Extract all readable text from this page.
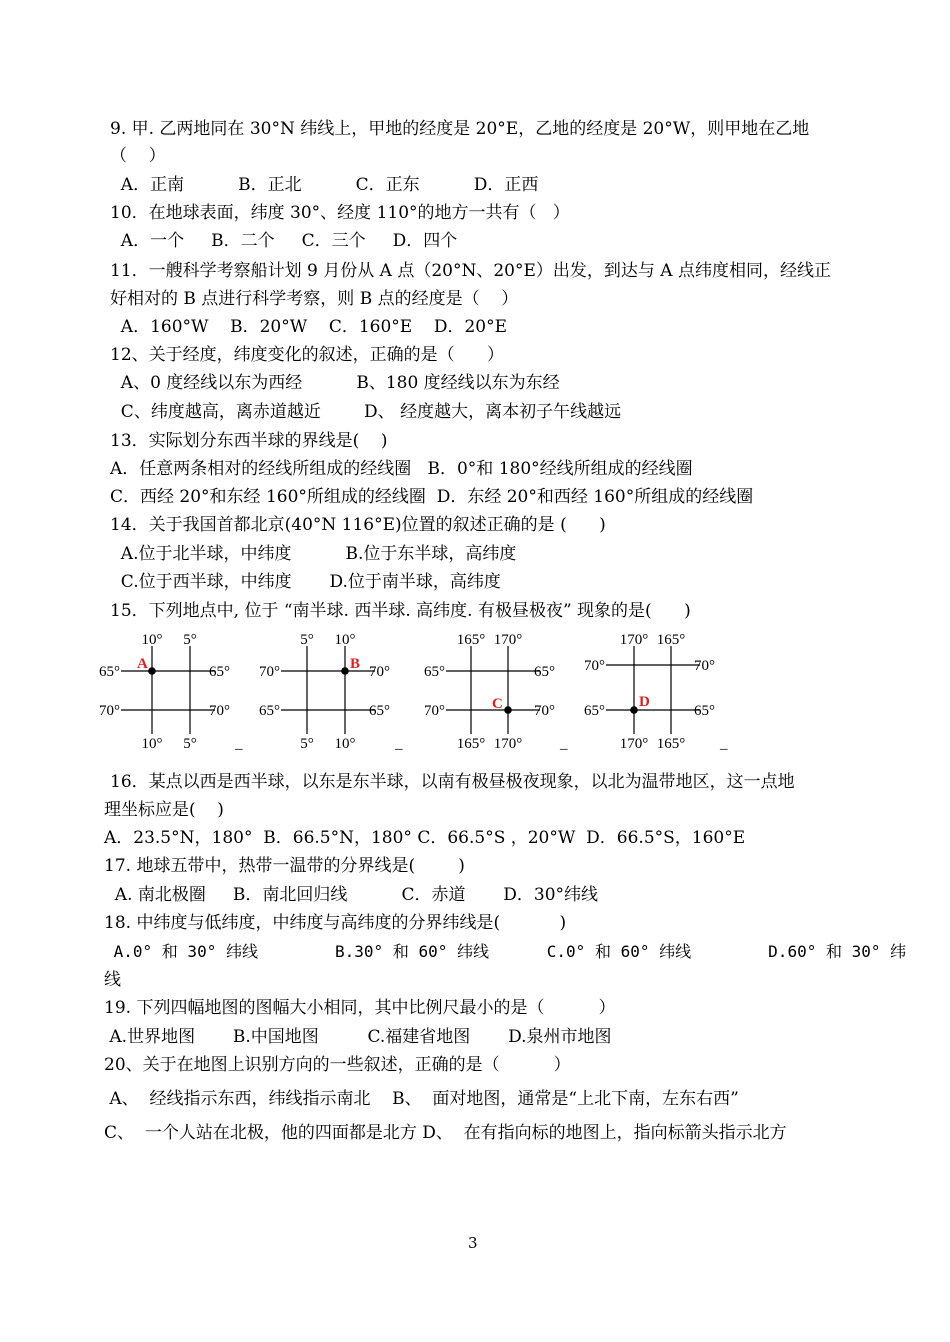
9. 甲. 乙两地同在 30°N 纬线上，甲地的经度是 20°E，乙地的经度是 20°W，则甲地在乙地
（    ）
A．正南          B．正北          C．正东          D．正西
10．在地球表面，纬度 30°、经度 110°的地方一共有（   ）
A．一个     B．二个     C．三个     D．四个
11．一艘科学考察船计划 9 月份从 A 点（20°N、20°E）出发，到达与 A 点纬度相同，经线正
好相对的 B 点进行科学考察，则 B 点的经度是（    ）
A．160°W    B．20°W    C．160°E    D．20°E
12、关于经度，纬度变化的叙述，正确的是（      ）
A、0 度经线以东为西经          B、180 度经线以东为东经
C、纬度越高，离赤道越近        D、 经度越大，离本初子午线越远
13．实际划分东西半球的界线是(    )
A．任意两条相对的经线所组成的经线圈   B．0°和 180°经线所组成的经线圈
C．西经 20°和东经 160°所组成的经线圈  D．东经 20°和西经 160°所组成的经线圈
14．关于我国首都北京(40°N 116°E)位置的叙述正确的是 (      )
A.位于北半球，中纬度          B.位于东半球，高纬度
C.位于西半球，中纬度       D.位于南半球，高纬度
15．下列地点中, 位于 “南半球. 西半球. 高纬度. 有极昼极夜” 现象的是(      )
10° 5°
10° 5°
65°
70°
65°
70°
A
_
5° 10°
5° 10°
70°
65°
70°
65°
B
_
165° 170°
165° 170°
65°
70°
65°
70°
C
_
170° 165°
170° 165°
70°
65°
70°
65°
D
_
16．某点以西是西半球，以东是东半球，以南有极昼极夜现象，以北为温带地区，这一点地
理坐标应是(    )
A．23.5°N，180°  B．66.5°N，180° C．66.5°S ，20°W  D．66.5°S，160°E
17. 地球五带中，热带一温带的分界线是(        )
A. 南北极圈     B．南北回归线          C．赤道       D．30°纬线
18. 中纬度与低纬度，中纬度与高纬度的分界纬线是(           )
A.0° 和 30° 纬线        B.30° 和 60° 纬线      C.0° 和 60° 纬线        D.60° 和 30° 纬
线
19. 下列四幅地图的图幅大小相同，其中比例尺最小的是（          ）
A.世界地图       B.中国地图         C.福建省地图       D.泉州市地图
20、关于在地图上识别方向的一些叙述，正确的是（          ）
A、  经线指示东西，纬线指示南北    B、  面对地图，通常是“上北下南，左东右西”
C、  一个人站在北极，他的四面都是北方 D、  在有指向标的地图上，指向标箭头指示北方
3
